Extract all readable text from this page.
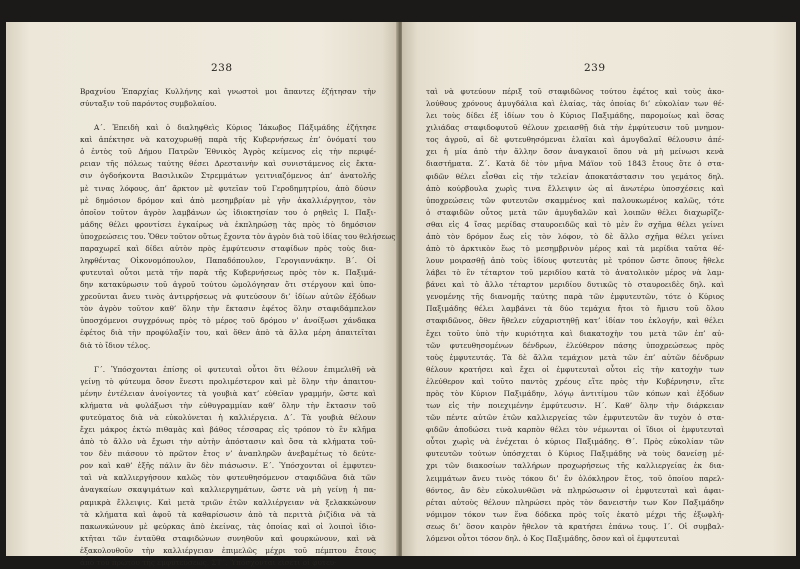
238

Βραχνίου Ἐπαρχίας Κυλλήνης καὶ γνωστοὶ μοι ἅπαντες ἐζήτησαν τὴν

σύνταξιν τοῦ παρόντος συμβολαίου.

Α΄. Ἐπειδὴ καὶ ὁ διαληφθεὶς Κύριος Ἰάκωβος Πάξιμάδης ἐζήτησε

καὶ ἀπέκτησε νὰ κατοχυρωθῇ παρὰ τῆς Κυβερνήσεως ἐπ’ ὀνόματί του

ὁ ἐντὸς τοῦ Δήμου Πατρῶν Ἐθνικὸς Ἀγρὸς κείμενος εἰς τὴν περιφέ-

ρειαν τῆς πόλεως ταύτης θέσει Δρεσταινὴν καὶ συνιστάμενος εἰς ἔκτα-

σιν ὀγδοήκοντα Βασιλικῶν Στρεμμάτων γειτνιαζόμενος ἀπ’ ἀνατολῆς

μὲ τινας λόφους, ἀπ’ ἄρκτον μὲ φυτεῖαν τοῦ Γεροδημητρίου, ἀπὸ δύσιν

μὲ δημόσιον δρόμον καὶ ἀπὸ μεσημβρίαν μὲ γῆν ἀκαλλιέργητον, τὸν

ὁποῖον τοῦτον ἀγρὸν λαμβάνων ὡς ἰδιοκτησίαν του ὁ ρηθεὶς Ι. Παξι-

μάδης θέλει φροντίσει ἐγκαίρως νὰ ἐκπληρώσῃ τὰς πρὸς τὸ δημόσιον

ὑποχρεώσεις του. Ὅθεν τοῦτον οὕτως ἔχοντα τὸν ἀγρὸν διὰ τοῦ ἰδίας του θελήσεως

παραχωρεῖ καὶ δίδει αὐτὸν πρὸς ἐμφύτευσιν σταφίδων πρὸς τοὺς δια-

ληφθέντας Οἰκονομόπουλον, Παπαδόπουλον, Γερογιαννάκην. Β΄. Οἱ

φυτευταὶ οὗτοι μετὰ τῆν παρὰ τῆς Κυβερνήσεως πρὸς τὸν κ. Παξιμά-

δην κατακύρωσιν τοῦ ἀγροῦ τούτου ὡμολόγησαν ὅτι στέργουν καὶ ὑπο-

χρεοῦνται ἄνευ τινὸς ἀντιρρήσεως νὰ φυτεύσουν δι’ ἰδίων αὐτῶν ἐξόδων

τὸν ἀγρὸν τοῦτον καθ’ ὅλην τὴν ἔκτασιν ἐφέτος ὅλην σταφιδάμπελον

ὑποσχόμενοι συγχρόνως πρὸς τὸ μέρος τοῦ δρόμου ν’ ἀνοίξωσι χάνδακα

ἐφέτος διὰ τὴν προφύλαξίν του, καὶ ὅθεν ἀπὸ τὰ ἄλλα μέρη ἀπαιτεῖται

διὰ τὸ ἴδιον τέλος.

Γ΄. Ὑπόσχονται ἐπίσης οἱ φυτευταὶ οὗτοι ὅτι θέλουν ἐπιμελιθῆ νὰ

γείνῃ τὸ φύτευμα ὅσον ἔνεστι προλιμέστερον καὶ μὲ ὅλην τὴν ἀπαιτου-

μένην ἐντέλειαν ἀνοίγοντες τὰ γουβιὰ κατ’ εὐθεῖαν γραμμήν, ὥστε καὶ

κλήματα νὰ φυλάξωσι τὴν εὐθυγραμμίαν καθ’ ὅλην τὴν ἔκτασιν τοῦ

φυτεύματος διὰ νὰ εὐκολύνεται ἡ καλλιέργεια. Δ΄. Τὰ γουβιὰ θέλουν

ἔχει μάκρος ἑκτὼ πιθαμὰς καὶ βάθος τέσσαρας εἰς τρόπον τὸ ἓν κλῆμα

ἀπὸ τὸ ἄλλο νὰ ἔχωσι τὴν αὐτὴν ἀπόστασιν καὶ ὅσα τὰ κλήματα τοῦ-

τον δὲν πιάσουν τὸ πρῶτον ἔτος ν’ ἀναπληρῶν ἀνεβαμέτως τὸ δεύτε-

ρον καὶ καθ’ ἑξῆς πάλιν ἂν δὲν πιάσωσιν. Ε΄. Ὑπόσχονται οἱ ἐμφυτευ-

ταὶ νὰ καλλιεργήσουν καλῶς τὸν φυτευθησόμενον σταφιδῶνα διὰ τῶν

ἀναγκαίων σκαψιμάτων καὶ καλλιεργημάτων, ὥστε νὰ μὴ γείνῃ ἡ πα-

ραμικρὰ ἔλλειψις. Καὶ μετὰ τριῶν ἐτῶν καλλιέργειαν νὰ ξελακκώνουν

τὰ κλήματα καὶ ἀφοῦ τὰ καθαρίσωσιν ἀπὸ τὰ περιττὰ ῥιζίδια νὰ τὰ

πακωνκώνουν μὲ φεύρκας ἀπὸ ἐκείνας, τὰς ὁποίας καὶ οἱ λοιποὶ ἰδιο-

κτῆται τῶν ἐνταῦθα σταφιδώνων συνηθοῦν καὶ φουρκώνουν, καὶ νὰ

ἐξακολουθοῦν τὴν καλλιέργειαν ἐπιμελῶς μέχρι τοῦ πέμπτου ἔτους

ἀπὸ τοῦ πρώτου τῆς ἐμφυτεύσεως. ΣΤ΄. Ὑπόσχονται εἰσέτι οἱ φυτευ-

239

ταὶ νὰ φυτεύουν πέριξ τοῦ σταφιδῶνος τούτου ἐφέτος καὶ τοὺς ἀκο-

λούθους χρόνους ἀμυγδάλια καὶ ἐλαίας, τὰς ὁποίας δι’ εὐκολίαν των θέ-

λει τοὺς δίδει ἐξ ἰδίων του ὁ Κύριος Παξιμάδης, παρομοίως καὶ ὅσας

χιλιάδας σταφιδοφυτοῦ θέλουν χρειασθῇ διὰ τὴν ἐμφύτευσιν τοῦ μνημον-

τος ἀγροῦ, αἱ δὲ φυτευθησόμεναι ἐλαῖαι καὶ ἀμυγδαλαῖ θέλουσιν ἀπέ-

χει ἡ μία ἀπὸ τὴν ἄλλην ὅσον ἀναγκαιοῖ ὅπου νὰ μὴ μείνωσι κενὰ

διαστήματα. Ζ΄. Κατὰ δὲ τὸν μῆνα Μάϊον τοῦ 1843 ἔτους ὅτε ὁ στα-

φιδῶν θέλει εἶσθαι εἰς τὴν τελείαν ἀποκατάστασιν του γεμάτος δηλ.

ἀπὸ κούρβουλα χωρὶς τινα ἔλλειψιν ὡς αἱ ἀνωτέρω ὑποσχέσεις καὶ

ὑποχρεώσεις τῶν φυτευτῶν σκαμμένος καὶ παλουκωμένος καλῶς, τότε

ὁ σταφιδῶν οὗτος μετὰ τῶν ἀμυγδαλῶν καὶ λοιπῶν θέλει διαχωρῖζε-

σθαι εἰς 4 ἴσας μερίδας σταυροειδῶς καὶ τὸ μὲν ἓν σχῆμα θέλει γείνει

ἀπὸ τὸν δρόμον ἕως εἰς τὸν λόφον, τὸ δὲ ἄλλο σχῆμα θέλει γείνει

ἀπὸ τὸ ἀρκτικὸν ἕως τὸ μεσημβρινὸν μέρος καὶ τὰ μερίδια ταῦτα θέ-

λουν μοιρασθῇ ἀπὸ τοὺς ἰδίους φυτευτὰς μὲ τρόπον ὥστε ὅπους ἤθελε

λάβει τὸ ἓν τέταρτον τοῦ μεριδίου κατὰ τὸ ἀνατολικὸν μέρος νὰ λαμ-

βάνει καὶ τὸ ἄλλο τέταρτον μεριδίου δυτικῶς τὸ σταυροειδὲς δηλ. καὶ

γενομένης τῆς διανομῆς ταύτης παρὰ τῶν ἐμφυτευτῶν, τότε ὁ Κύριος

Παξιμάδης θέλει λαμβάνει τὰ δύο τεμάχια ἤτοι τὸ ἥμισυ τοῦ ὅλου

σταφιδῶνος, ὅθεν ἤθελεν εὐχαριστηθῇ κατ’ ἰδίαν του ἐκλογήν, καὶ θέλει

ἔχει τοῦτο ὑπὸ τὴν κυριότητα καὶ διακατοχὴν του μετὰ τῶν ἐπ’ αὐ-

τῶν φυτευθησομένων δένδρων, ἐλεύθερον πάσης ὑποχρεώσεως πρὸς

τοὺς ἐμφυτευτάς. Τὰ δὲ ἄλλα τεμάχιον μετὰ τῶν ἐπ’ αὐτῶν δένδρων

θέλουν κρατήσει καὶ ἔχει οἱ ἐμφυτευταὶ οὗτοι εἰς τὴν κατοχὴν των

ἐλεύθερον καὶ τοῦτο παντὸς χρέους εἴτε πρὸς τὴν Κυβέρνησιν, εἴτε

πρὸς τὸν Κύριον Παξιμάδην, λόγῳ ἀντιτίμου τῶν κόπων καὶ ἐξόδων

των εἰς τὴν ποιεχιμένην ἐμφύτευσιν. Η΄. Καθ’ ὅλην τὴν διάρκειαν

τῶν πέντε αὐτῶν ἐτῶν καλλιεργείας τῶν ἐμφυτευτῶν ἂν τυχὸν ὁ στα-

φιδῶν ἀποδώσει τινὰ καρπὸν θέλει τὸν νέμωνται οἱ ἴδιοι οἱ ἐμφυτευταὶ

οὗτοι χωρὶς νὰ ἐνέχεται ὁ κύριος Παξιμάδης. Θ΄. Πρὸς εὐκολίαν τῶν

φυτευτῶν τούτων ὑπόσχεται ὁ Κύριος Παξιμάδης νὰ τοὺς δανείσῃ μέ-

χρι τῶν διακοσίων ταλλήρων προχωρήσεως τῆς καλλιεργείας ἐκ δια-

λειμμάτων ἄνευ τινὸς τόκου δι’ ἓν ὁλόκληρον ἔτος, τοῦ ὁποίου παρελ-

θόντος, ἂν δὲν εὐκολυνθῶσι νὰ πληρώσωσιν οἱ ἐμφυτευταὶ καὶ ἀφαι-

ρέται αὐτοὺς θέλουν πληρώσει πρὸς τὸν δανειστὴν των Κον Παξιμάδην

νόμιμον τόκον των ἕνα δόδεκα πρὸς τοῖς ἑκατὸ μέχρι τῆς ἐξωφλή-

σεως δι’ ὅσον καιρὸν ἤθελον τὰ κρατήσει ἐπάνω τους. Ι΄. Οἱ συμβαλ-

λόμενοι οὗτοι τόσον δηλ. ὁ Κος Παξιμάδης, ὅσον καὶ οἱ ἐμφυτευταὶ
